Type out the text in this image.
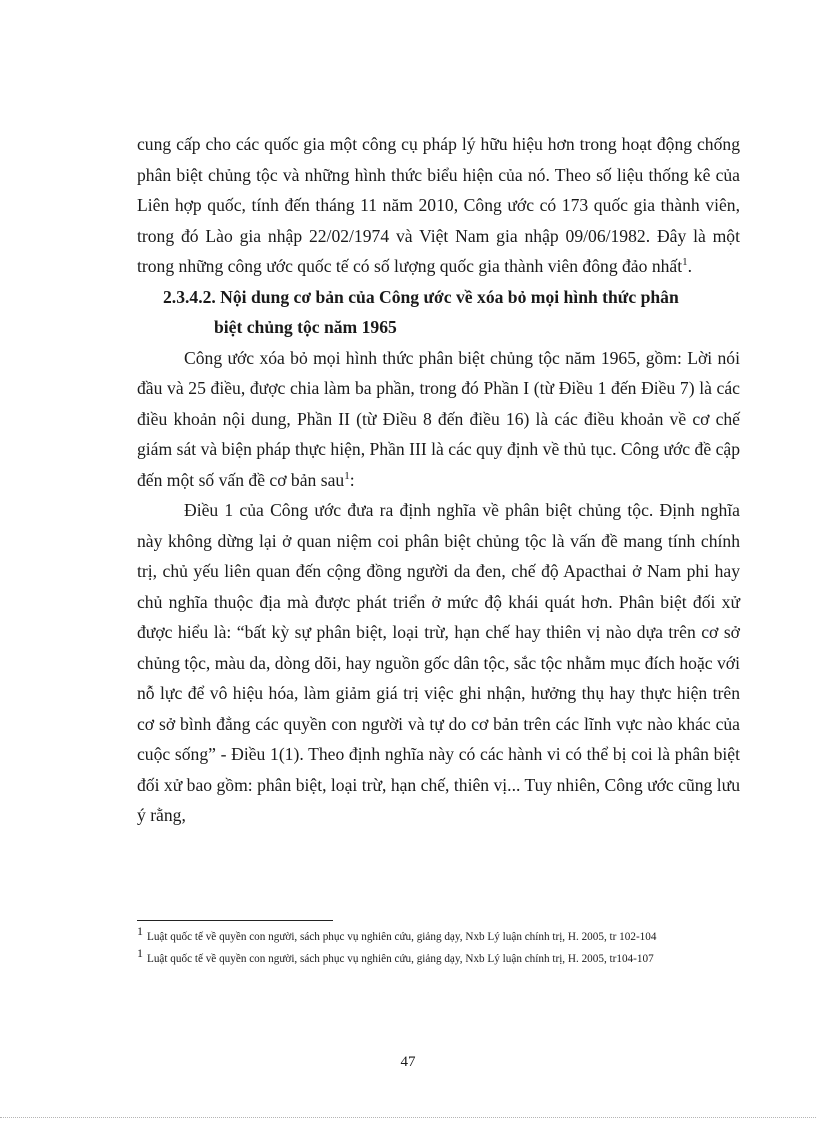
cung cấp cho các quốc gia một công cụ pháp lý hữu hiệu hơn trong hoạt động chống phân biệt chủng tộc và những hình thức biểu hiện của nó. Theo số liệu thống kê của Liên hợp quốc, tính đến tháng 11 năm 2010, Công ước có 173 quốc gia thành viên, trong đó Lào gia nhập 22/02/1974 và Việt Nam gia nhập 09/06/1982. Đây là một trong những công ước quốc tế có số lượng quốc gia thành viên đông đảo nhất$^1$.

2.3.4.2. Nội dung cơ bản của Công ước về xóa bỏ mọi hình thức phân
biệt chủng tộc năm 1965

Công ước xóa bỏ mọi hình thức phân biệt chủng tộc năm 1965, gồm: Lời nói đầu và 25 điều, được chia làm ba phần, trong đó Phần I (từ Điều 1 đến Điều 7) là các điều khoản nội dung, Phần II (từ Điều 8 đến điều 16) là các điều khoản về cơ chế giám sát và biện pháp thực hiện, Phần III là các quy định về thủ tục. Công ước đề cập đến một số vấn đề cơ bản sau$^1$:

Điều 1 của Công ước đưa ra định nghĩa về phân biệt chủng tộc. Định nghĩa này không dừng lại ở quan niệm coi phân biệt chủng tộc là vấn đề mang tính chính trị, chủ yếu liên quan đến cộng đồng người da đen, chế độ Apacthai ở Nam phi hay chủ nghĩa thuộc địa mà được phát triển ở mức độ khái quát hơn. Phân biệt đối xử được hiểu là: “bất kỳ sự phân biệt, loại trừ, hạn chế hay thiên vị nào dựa trên cơ sở chủng tộc, màu da, dòng dõi, hay nguồn gốc dân tộc, sắc tộc nhằm mục đích hoặc với nỗ lực để vô hiệu hóa, làm giảm giá trị việc ghi nhận, hưởng thụ hay thực hiện trên cơ sở bình đẳng các quyền con người và tự do cơ bản trên các lĩnh vực nào khác của cuộc sống” - Điều 1(1). Theo định nghĩa này có các hành vi có thể bị coi là phân biệt đối xử bao gồm: phân biệt, loại trừ, hạn chế, thiên vị... Tuy nhiên, Công ước cũng lưu ý rằng,

1 Luật quốc tế về quyền con người, sách phục vụ nghiên cứu, giảng dạy, Nxb Lý luận chính trị, H. 2005, tr 102-104

1 Luật quốc tế về quyền con người, sách phục vụ nghiên cứu, giảng dạy, Nxb Lý luận chính trị, H. 2005, tr104-107

47
